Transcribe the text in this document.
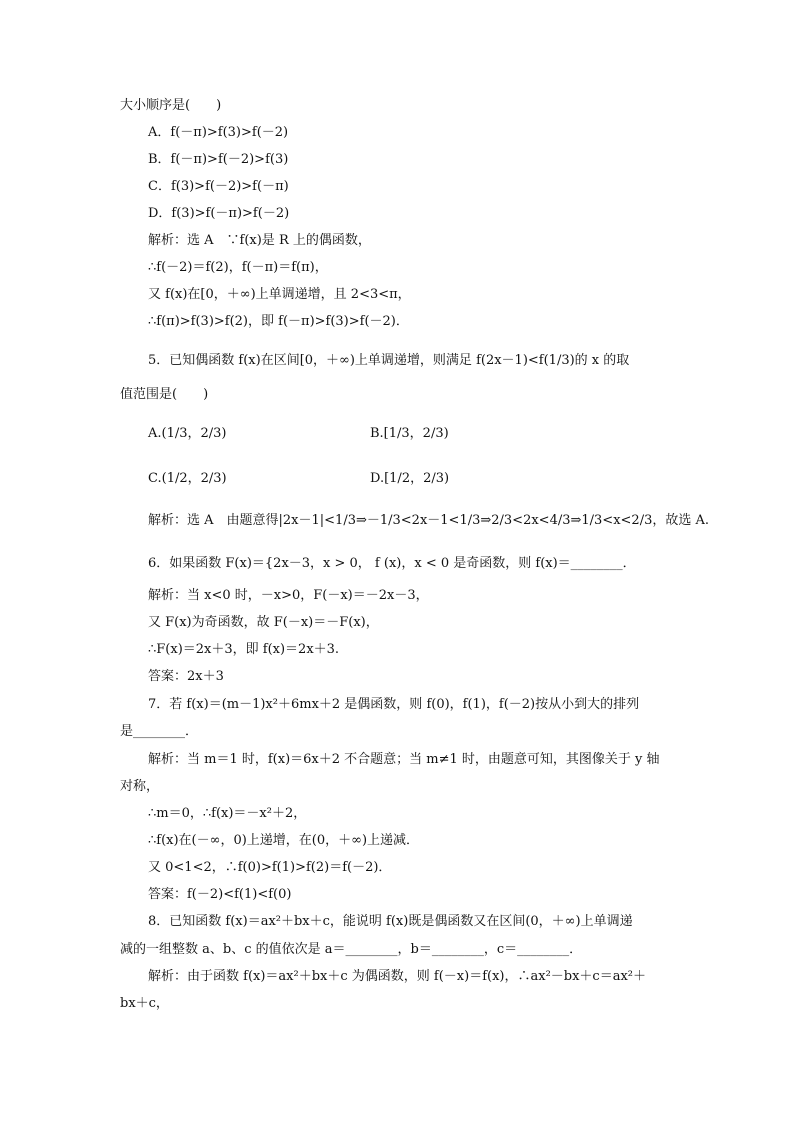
大小顺序是(　　)
A．f(－π)>f(3)>f(－2)
B．f(－π)>f(－2)>f(3)
C．f(3)>f(－2)>f(－π)
D．f(3)>f(－π)>f(－2)
解析：选 A　∵f(x)是 R 上的偶函数，
∴f(－2)＝f(2)，f(－π)＝f(π)，
又 f(x)在[0，＋∞)上单调递增，且 2<3<π，
∴f(π)>f(3)>f(2)，即 f(－π)>f(3)>f(－2)．
5．已知偶函数 f(x)在区间[0，＋∞)上单调递增，则满足 f(2x－1)<f(1/3)的 x 的取
值范围是(　　)
A.(1/3，2/3)	B.[1/3，2/3)
C.(1/2，2/3)	D.[1/2，2/3)
解析：选 A　由题意得|2x－1|<1/3⇒－1/3<2x－1<1/3⇒2/3<2x<4/3⇒1/3<x<2/3，故选 A.
6．如果函数 F(x)＝{2x－3，x > 0， f (x)，x < 0 是奇函数，则 f(x)＝________．
解析：当 x<0 时，－x>0，F(－x)＝－2x－3，
又 F(x)为奇函数，故 F(－x)＝－F(x)，
∴F(x)＝2x＋3，即 f(x)＝2x＋3.
答案：2x＋3
7．若 f(x)＝(m－1)x²＋6mx＋2 是偶函数，则 f(0)，f(1)，f(－2)按从小到大的排列
是________．
解析：当 m＝1 时，f(x)＝6x＋2 不合题意；当 m≠1 时，由题意可知，其图像关于 y 轴
对称，
∴m＝0，∴f(x)＝－x²＋2，
∴f(x)在(－∞，0)上递增，在(0，＋∞)上递减．
又 0<1<2，∴f(0)>f(1)>f(2)＝f(－2)．
答案：f(－2)<f(1)<f(0)
8．已知函数 f(x)＝ax²＋bx＋c，能说明 f(x)既是偶函数又在区间(0，＋∞)上单调递
减的一组整数 a、b、c 的值依次是 a＝________，b＝________，c＝________．
解析：由于函数 f(x)＝ax²＋bx＋c 为偶函数，则 f(－x)＝f(x)，∴ax²－bx＋c＝ax²＋
bx＋c，
